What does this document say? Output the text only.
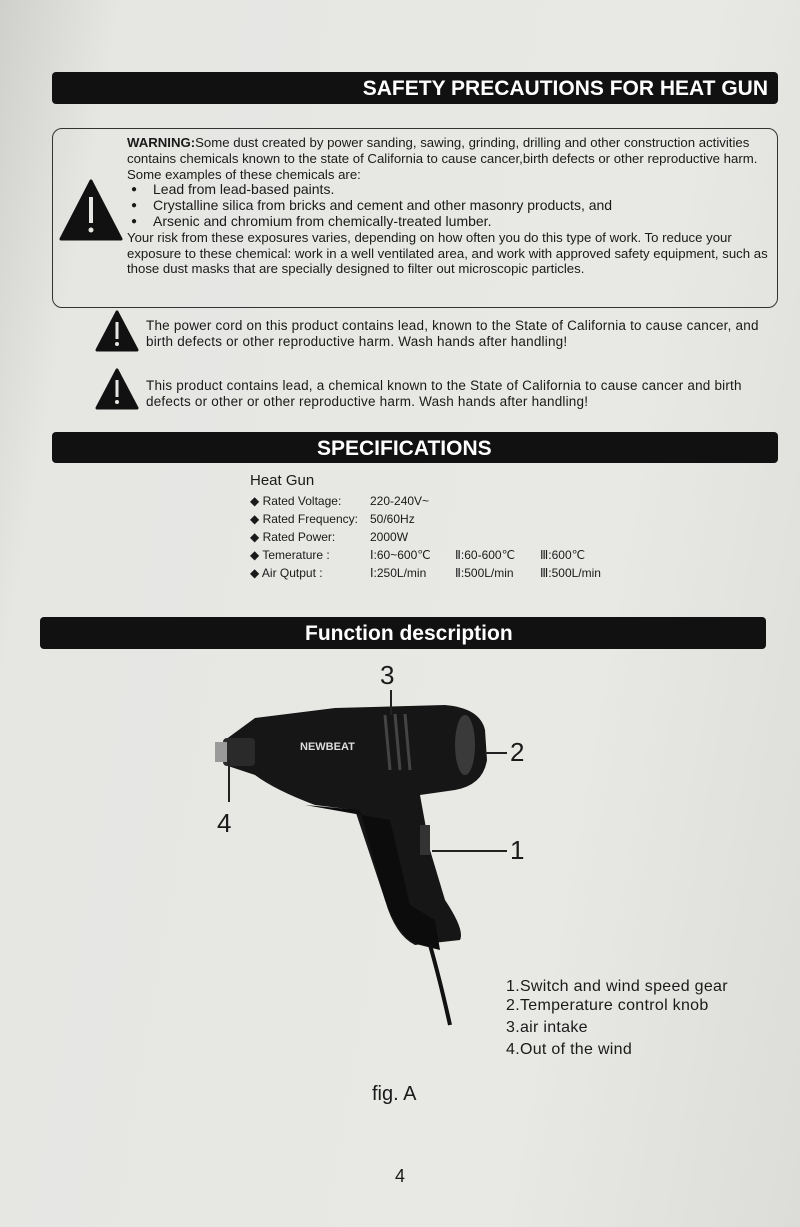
SAFETY PRECAUTIONS FOR HEAT GUN
WARNING:Some dust created by power sanding, sawing, grinding, drilling and other construction activities contains chemicals known to the state of California to cause cancer,birth defects or other reproductive harm. Some examples of these chemicals are:
● Lead from lead-based paints.
● Crystalline silica from bricks and cement and other masonry products, and
● Arsenic and chromium from chemically-treated lumber.
Your risk from these exposures varies, depending on how often you do this type of work. To reduce your exposure to these chemical: work in a well ventilated area, and work with approved safety equipment, such as those dust masks that are specially designed to filter out microscopic particles.
The power cord on this product contains lead, known to the State of California to cause cancer, and birth defects or other reproductive harm. Wash hands after handling!
This product contains lead, a chemical known to the State of California to cause cancer and birth defects or other or other reproductive harm. Wash hands after handling!
SPECIFICATIONS
Heat Gun
◆ Rated Voltage:	220-240V~
◆ Rated Frequency:	50/60Hz
◆ Rated Power:	2000W
◆ Temerature :	Ⅰ:60~600℃ Ⅱ:60-600℃ Ⅲ:600℃
◆ Air Qutput :	Ⅰ:250L/min Ⅱ:500L/min Ⅲ:500L/min
Function description
NEWBEAT
3
2
1
4
1.Switch and wind speed gear
2.Temperature control knob
3.air intake
4.Out of the wind
fig. A
4
